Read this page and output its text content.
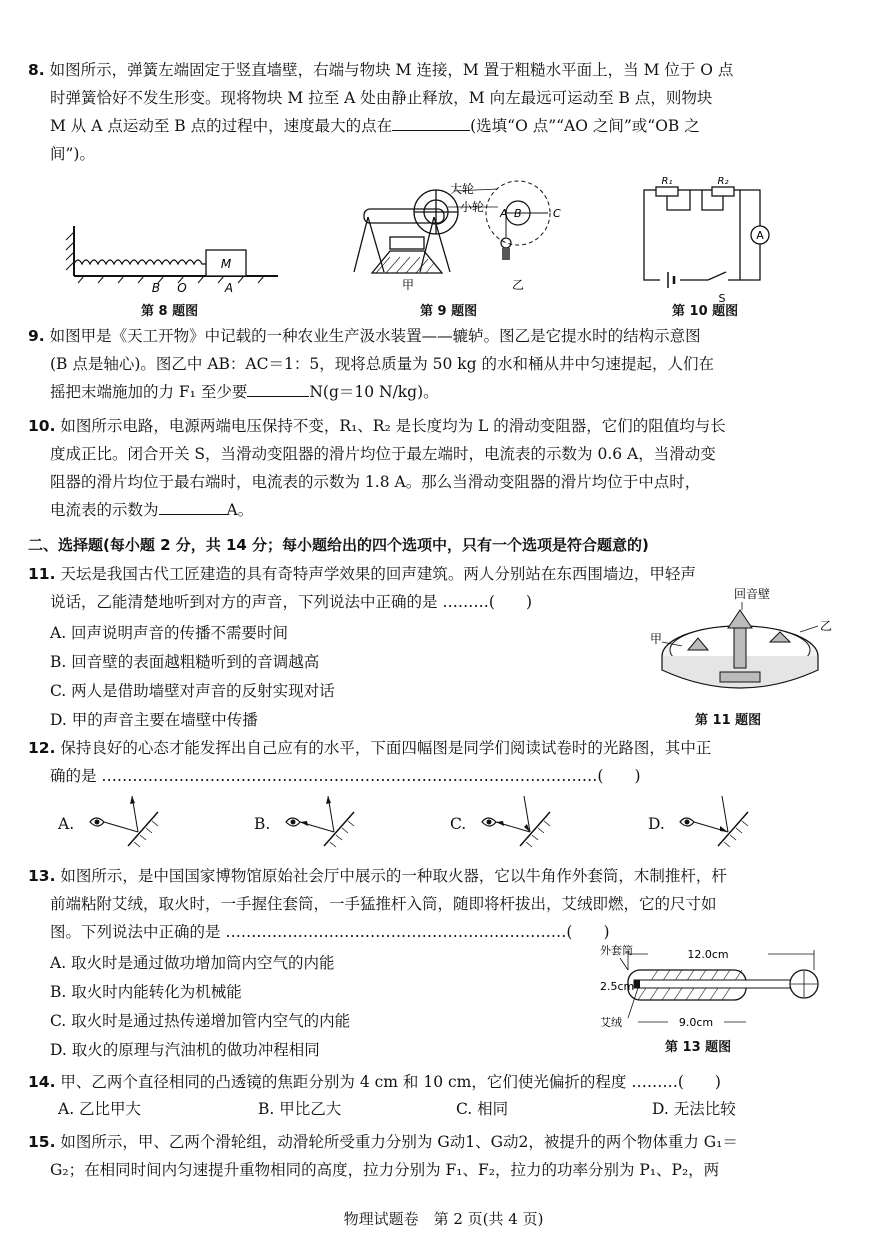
8. 如图所示，弹簧左端固定于竖直墙壁，右端与物块 M 连接，M 置于粗糙水平面上，当 M 位于 O 点
时弹簧恰好不发生形变。现将物块 M 拉至 A 处由静止释放，M 向左最远可运动至 B 点，则物块
M 从 A 点运动至 B 点的过程中，速度最大的点在	(选填“O 点”“AO 之间”或“OB 之
间”)。
M
B O	A
第 8 题图
大轮
小轮 A B	C
甲	乙
第 9 题图
R₁	R₂
A
S
第 10 题图
9. 如图甲是《天工开物》中记载的一种农业生产汲水装置——辘轳。图乙是它提水时的结构示意图
(B 点是轴心)。图乙中 AB：AC＝1：5，现将总质量为 50 kg 的水和桶从井中匀速提起，人们在
摇把末端施加的力 F₁ 至少要	N(g＝10 N/kg)。
10. 如图所示电路，电源两端电压保持不变，R₁、R₂ 是长度均为 L 的滑动变阻器，它们的阻值均与长
度成正比。闭合开关 S，当滑动变阻器的滑片均位于最左端时，电流表的示数为 0.6 A，当滑动变
阻器的滑片均位于最右端时，电流表的示数为 1.8 A。那么当滑动变阻器的滑片均位于中点时，
电流表的示数为	A。
二、选择题(每小题 2 分，共 14 分；每小题给出的四个选项中，只有一个选项是符合题意的)
11. 天坛是我国古代工匠建造的具有奇特声学效果的回声建筑。两人分别站在东西围墙边，甲轻声
说话，乙能清楚地听到对方的声音，下列说法中正确的是 ………(　　)
A. 回声说明声音的传播不需要时间
B. 回音壁的表面越粗糙听到的音调越高
C. 两人是借助墙壁对声音的反射实现对话
D. 甲的声音主要在墙壁中传播
回音壁
甲
乙
第 11 题图
12. 保持良好的心态才能发挥出自己应有的水平，下面四幅图是同学们阅读试卷时的光路图，其中正
确的是 ……………………………………………………………………………………(　　)
A.	B.	C.	D.
13. 如图所示，是中国国家博物馆原始社会厅中展示的一种取火器，它以牛角作外套筒，木制推杆，杆
前端粘附艾绒，取火时，一手握住套筒，一手猛推杆入筒，随即将杆拔出，艾绒即燃，它的尺寸如
图。下列说法中正确的是 …………………………………………………………(　　)
A. 取火时是通过做功增加筒内空气的内能
B. 取火时内能转化为机械能
C. 取火时是通过热传递增加管内空气的内能
D. 取火的原理与汽油机的做功冲程相同
外套筒	12.0cm
2.5cm
艾绒	9.0cm
第 13 题图
14. 甲、乙两个直径相同的凸透镜的焦距分别为 4 cm 和 10 cm，它们使光偏折的程度 ………(　　)
A. 乙比甲大	B. 甲比乙大	C. 相同	D. 无法比较
15. 如图所示，甲、乙两个滑轮组，动滑轮所受重力分别为 G动1、G动2，被提升的两个物体重力 G₁＝
G₂；在相同时间内匀速提升重物相同的高度，拉力分别为 F₁、F₂，拉力的功率分别为 P₁、P₂，两
物理试题卷　第 2 页(共 4 页)
